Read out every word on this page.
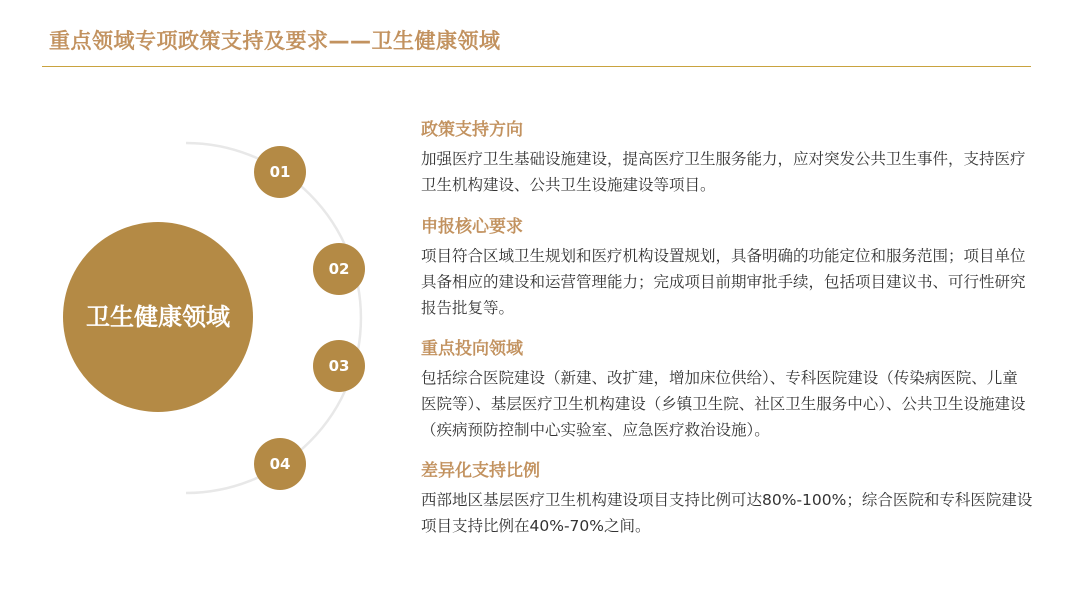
重点领域专项政策支持及要求——卫生健康领域
卫生健康领域
01
02
03
04
政策支持方向
加强医疗卫生基础设施建设，提高医疗卫生服务能力，应对突发公共卫生事件，支持医疗卫生机构建设、公共卫生设施建设等项目。
申报核心要求
项目符合区域卫生规划和医疗机构设置规划，具备明确的功能定位和服务范围；项目单位具备相应的建设和运营管理能力；完成项目前期审批手续，包括项目建议书、可行性研究报告批复等。
重点投向领域
包括综合医院建设（新建、改扩建，增加床位供给）、专科医院建设（传染病医院、儿童医院等）、基层医疗卫生机构建设（乡镇卫生院、社区卫生服务中心）、公共卫生设施建设（疾病预防控制中心实验室、应急医疗救治设施）。
差异化支持比例
西部地区基层医疗卫生机构建设项目支持比例可达80%-100%；综合医院和专科医院建设项目支持比例在40%-70%之间。
